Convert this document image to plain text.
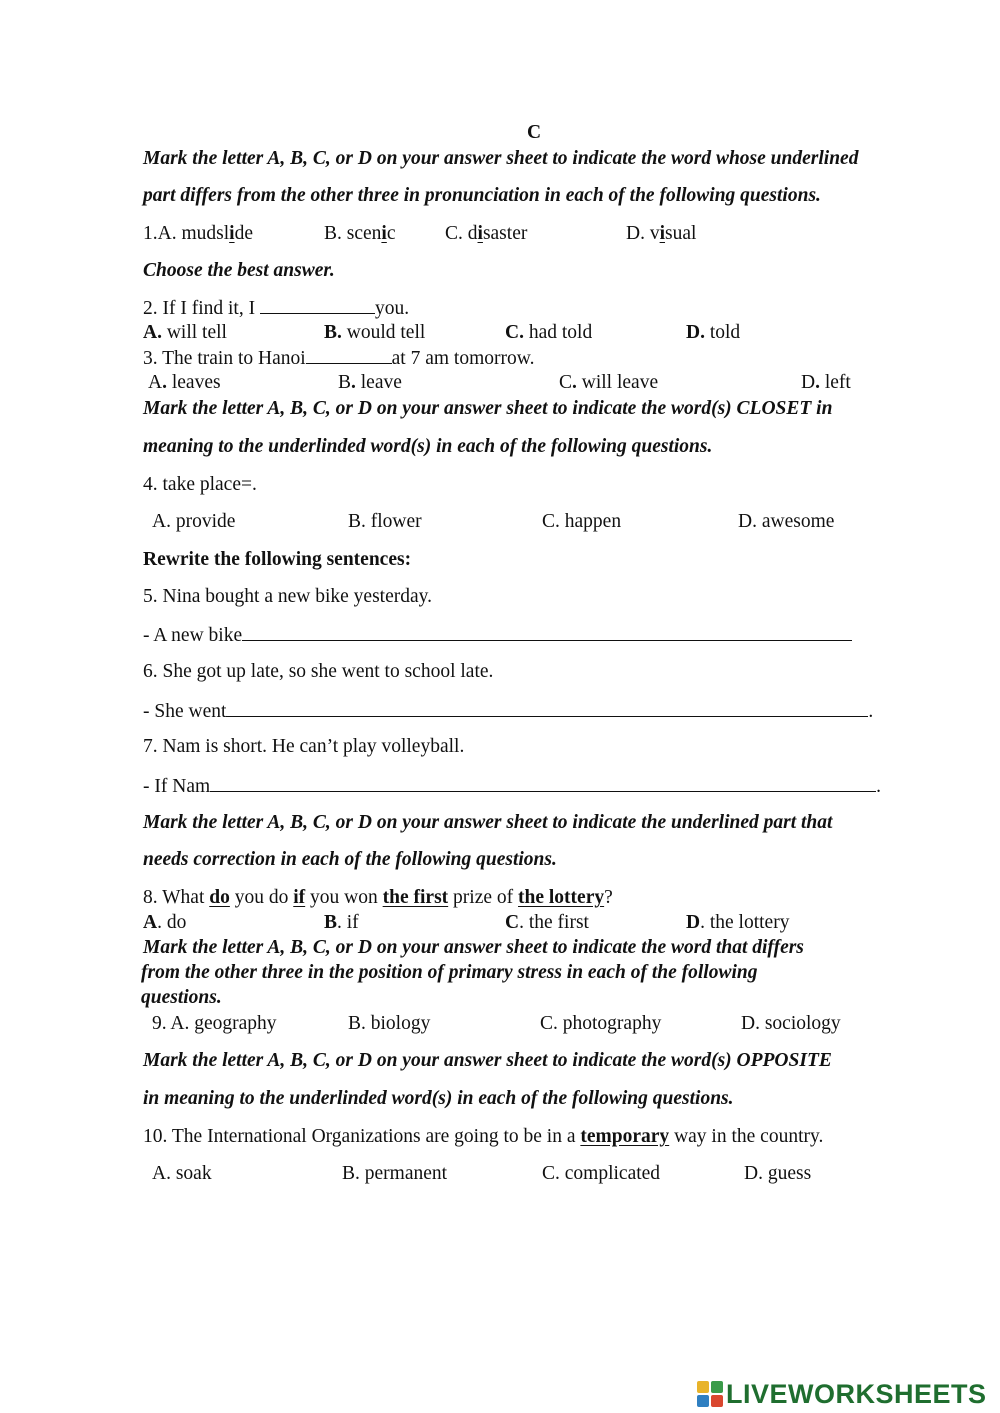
C
Mark the letter A, B, C, or D on your answer sheet to indicate the word whose underlined
part differs from the other three in pronunciation in each of the following questions.
1.A. mudslide	B. scenic	C. disaster	D. visual
Choose the best answer.
2. If I find it, I	you.
A. will tell	B. would tell	C. had told	D. told
3. The train to Hanoi	at 7 am tomorrow.
A. leaves	B. leave	C. will leave	D. left
Mark the letter A, B, C, or D on your answer sheet to indicate the word(s) CLOSET in
meaning to the underlinded word(s) in each of the following questions.
4. take place=.
A. provide	B. flower	C. happen	D. awesome
Rewrite the following sentences:
5. Nina bought a new bike yesterday.
- A new bike
6. She got up late, so she went to school late.
- She went	.
7. Nam is short. He can’t play volleyball.
- If Nam	.
Mark the letter A, B, C, or D on your answer sheet to indicate the underlined part that
needs correction in each of the following questions.
8. What do you do if you won the first prize of the lottery?
A. do	B. if	C. the first	D. the lottery
Mark the letter A, B, C, or D on your answer sheet to indicate the word that differs
from the other three in the position of primary stress in each of the following
questions.
9. A. geography	B. biology	C. photography	D. sociology
Mark the letter A, B, C, or D on your answer sheet to indicate the word(s) OPPOSITE
in meaning to the underlinded word(s) in each of the following questions.
10. The International Organizations are going to be in a temporary way in the country.
A. soak	B. permanent	C. complicated	D. guess
LIVEWORKSHEETS
